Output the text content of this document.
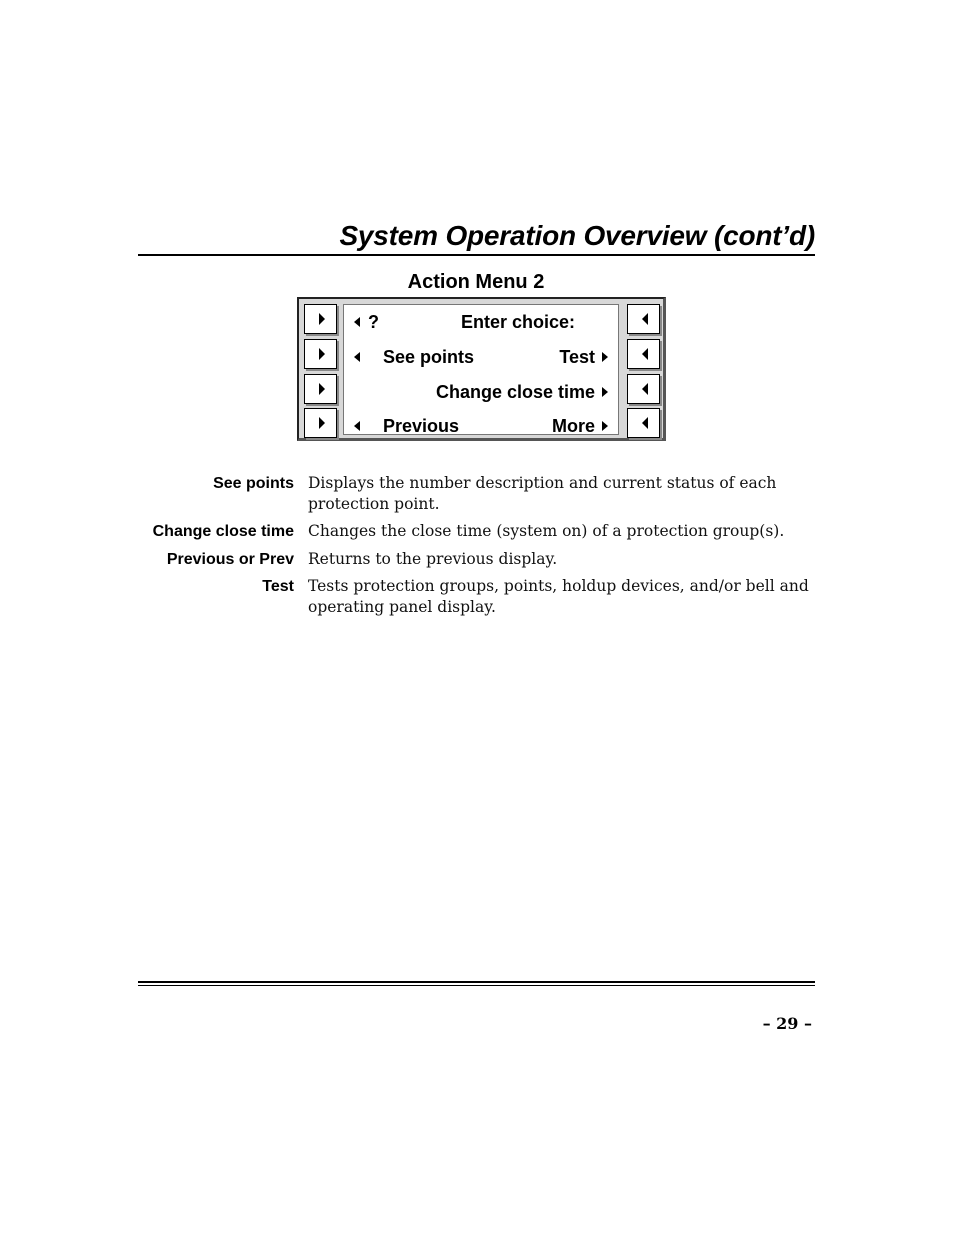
System Operation Overview (cont’d)
Action Menu 2
?	Enter choice:
See points	Test
Change close time
Previous	More
See points Displays the number description and current status of each protection point.
Change close time Changes the close time (system on) of a protection group(s).
Previous or Prev Returns to the previous display.
Test Tests protection groups, points, holdup devices, and/or bell and operating panel display.
– 29 –
